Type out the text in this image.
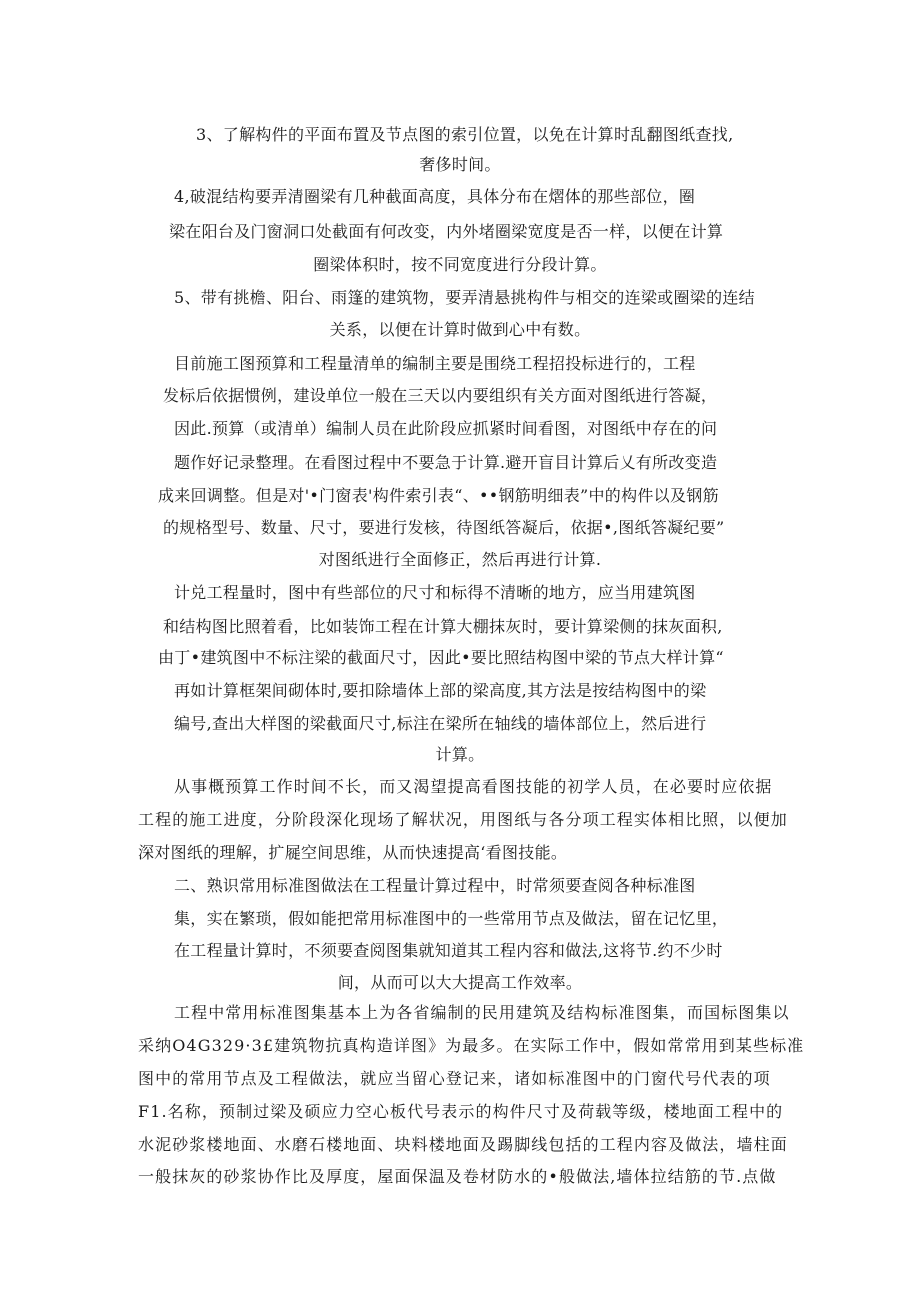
3、了解构件的平面布置及节点图的索引位置，以免在计算时乱翻图纸查找,
奢侈时间。
4,破混结构要弄清圈梁有几种截面高度，具体分布在熠体的那些部位，圈
梁在阳台及门窗洞口处截面有何改变，内外堵圈梁宽度是否一样，以便在计算
圈梁体积时，按不同宽度进行分段计算。
5、带有挑檐、阳台、雨篷的建筑物，要弄清悬挑构件与相交的连梁或圈梁的连结
关系，以便在计算时做到心中有数。
目前施工图预算和工程量清单的编制主要是围绕工程招投标进行的，工程
发标后依据惯例，建设单位一般在三天以内要组织有关方面对图纸进行答凝，
因此.预算（或清单）编制人员在此阶段应抓紧时间看图，对图纸中存在的问
题作好记录整理。在看图过程中不要急于计算.避开盲目计算后乂有所改变造
成来回调整。但是对'•门窗表'构件索引表“、••钢筋明细表”中的构件以及钢筋
的规格型号、数量、尺寸，要进行发核，待图纸答凝后，依据•,图纸答凝纪要”
对图纸进行全面修正，然后再进行计算.
计兑工程量时，图中有些部位的尺寸和标得不清晰的地方，应当用建筑图
和结构图比照着看，比如装饰工程在计算大棚抹灰时，要计算梁侧的抹灰面积,
由丁•建筑图中不标注梁的截面尺寸，因此•要比照结构图中梁的节点大样计算“
再如计算框架间砌体时,要扣除墙体上部的梁高度,其方法是按结构图中的梁
编号,查出大样图的梁截面尺寸,标注在梁所在轴线的墙体部位上，然后进行
计算。
从事概预算工作时间不长，而又渴望提高看图技能的初学人员，在必要时应依据
工程的施工进度，分阶段深化现场了解状况，用图纸与各分项工程实体相比照，以便加
深对图纸的理解，扩屣空间思维，从而快速提高‘看图技能。
二、熟识常用标准图做法在工程量计算过程中，时常须要查阅各种标准图
集，实在繁琐，假如能把常用标准图中的一些常用节点及做法，留在记忆里，
在工程量计算时，不须要查阅图集就知道其工程内容和做法,这将节.约不少时
间，从而可以大大提高工作效率。
工程中常用标准图集基本上为各省编制的民用建筑及结构标准图集，而国标图集以
采纳O4G329·3£建筑物抗真构造详图》为最多。在实际工作中，假如常常用到某些标准
图中的常用节点及工程做法，就应当留心登记来，诸如标准图中的门窗代号代表的项
F1.名称，预制过梁及硕应力空心板代号表示的构件尺寸及荷载等级，楼地面工程中的
水泥砂浆楼地面、水磨石楼地面、块料楼地面及踢脚线包括的工程内容及做法，墙柱面
一般抹灰的砂浆协作比及厚度，屋面保温及卷材防水的•般做法,墙体拉结筋的节.点做
